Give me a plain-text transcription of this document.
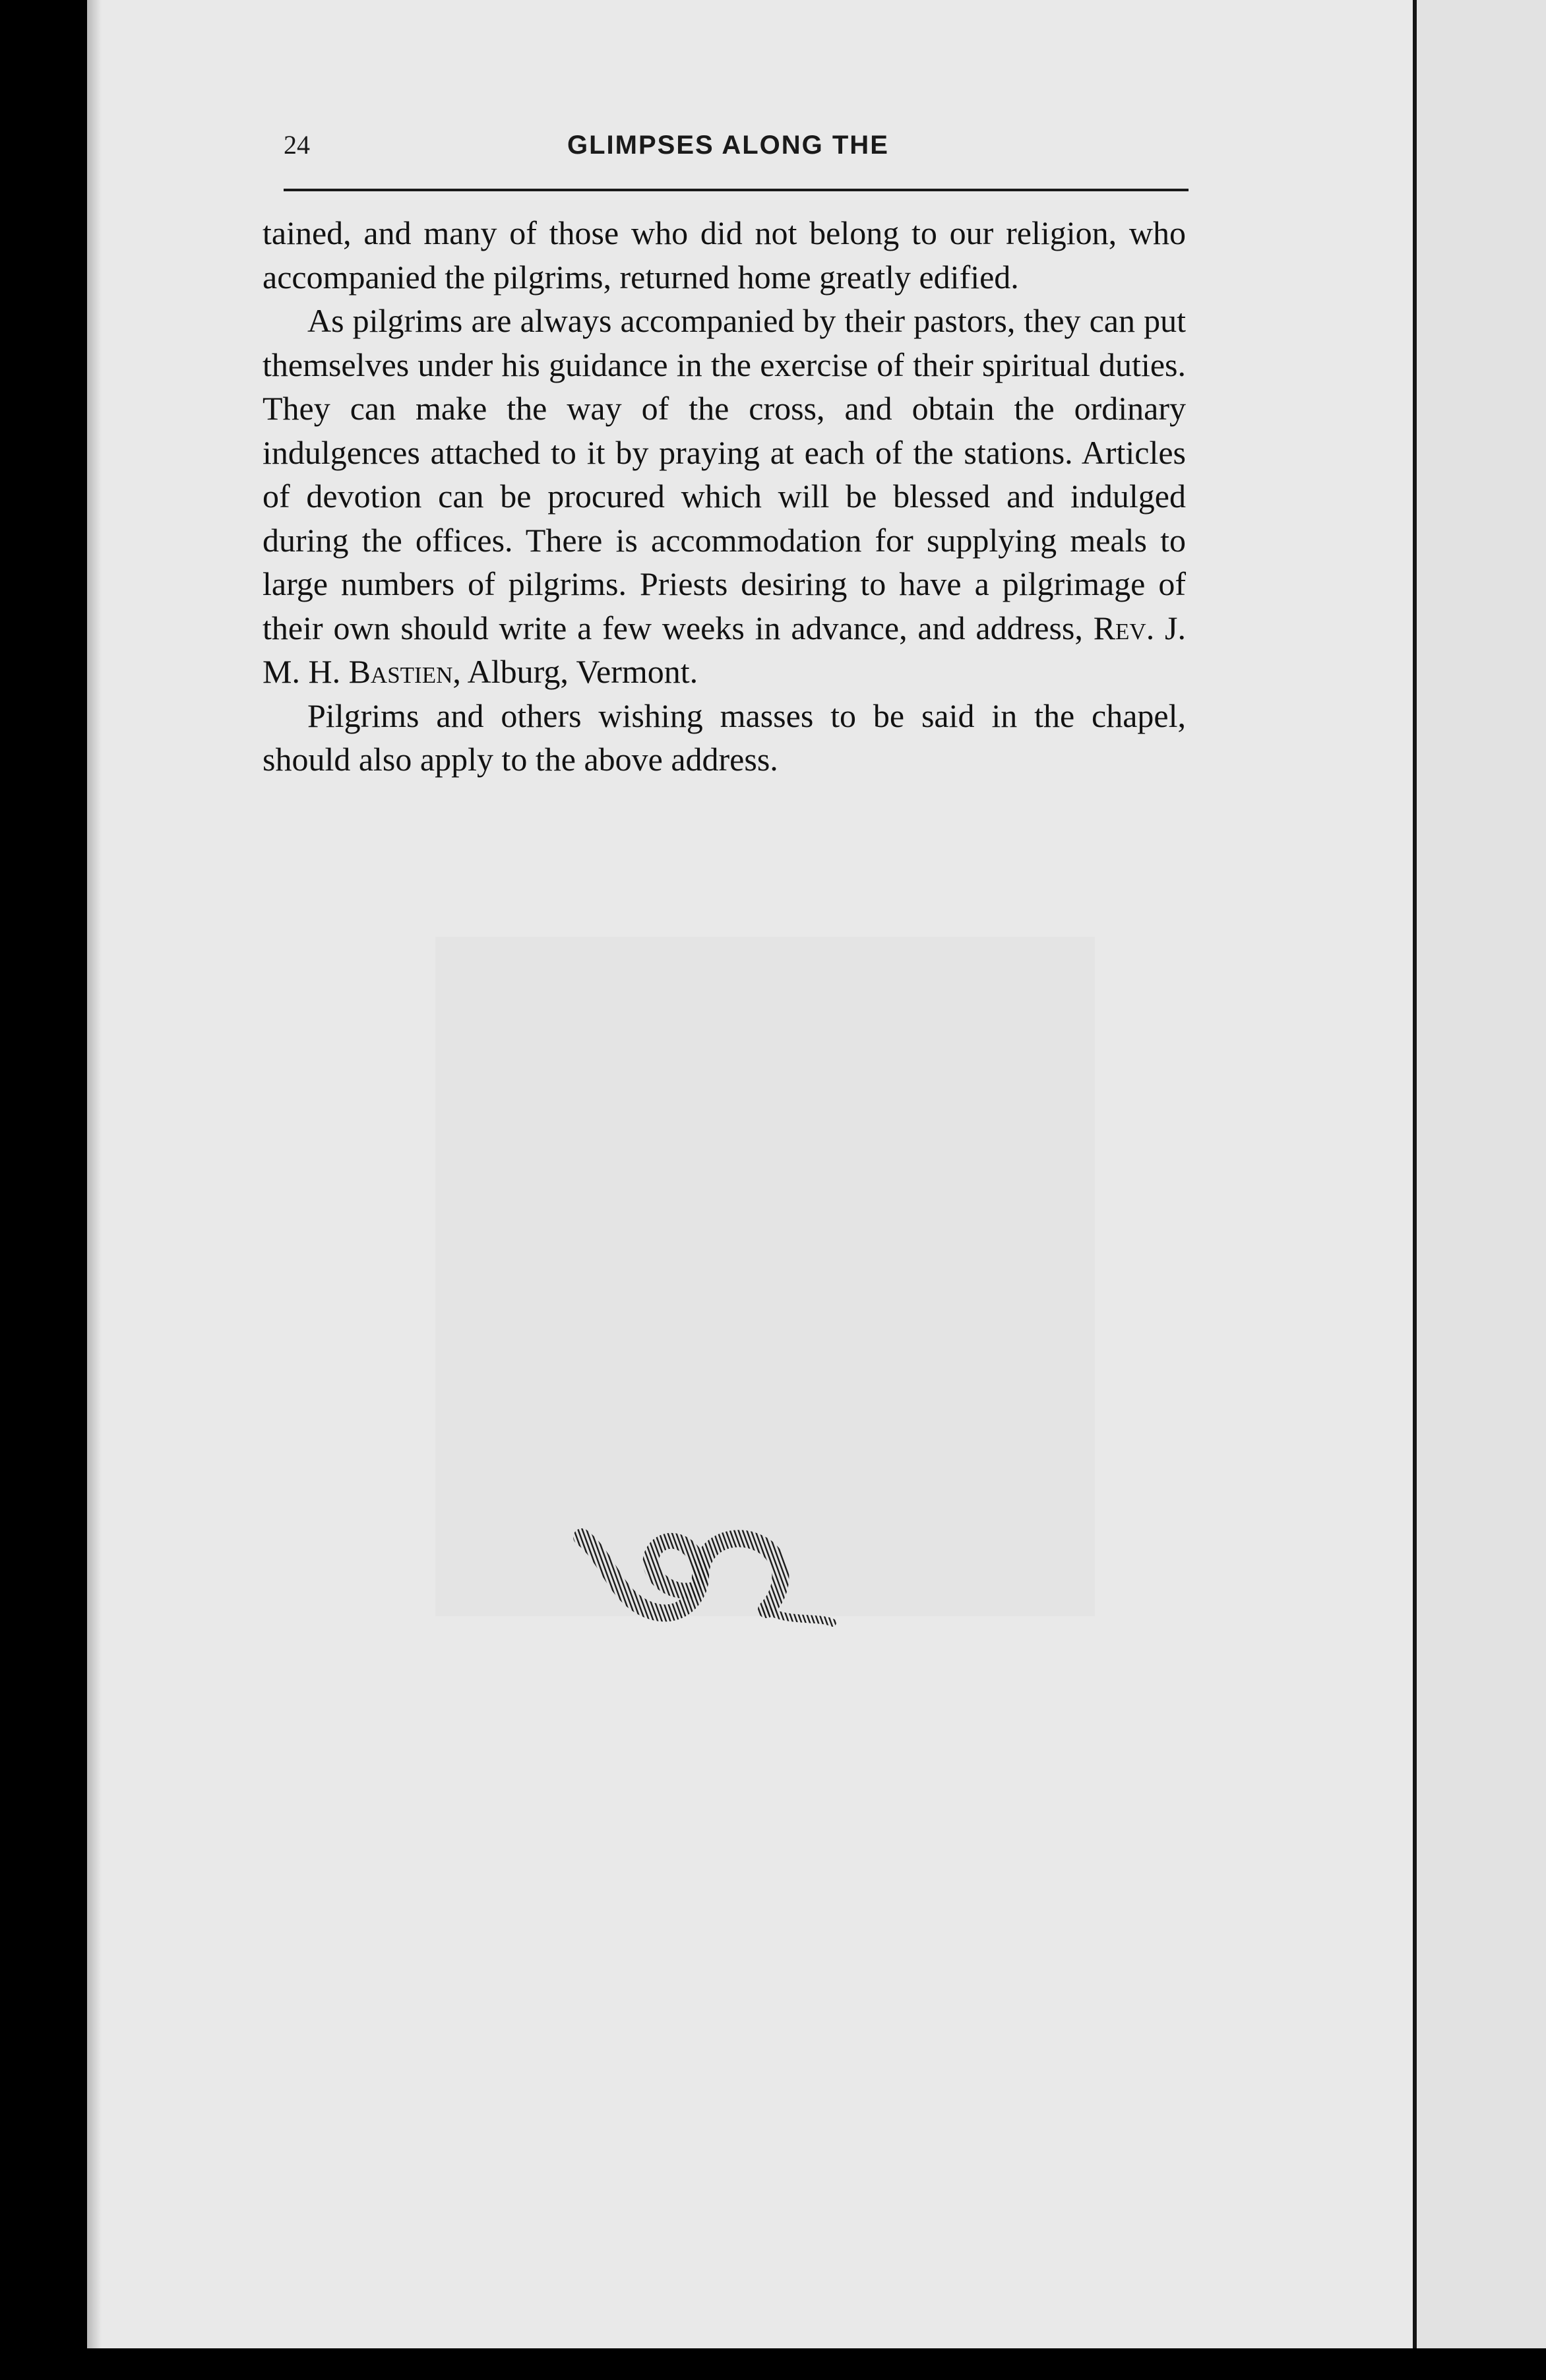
24	GLIMPSES ALONG THE

tained, and many of those who did not belong to our religion, who accompanied the pilgrims, returned home greatly edified.

As pilgrims are always accompanied by their pastors, they can put themselves under his guidance in the exercise of their spiritual duties. They can make the way of the cross, and obtain the ordinary indulgences attached to it by praying at each of the stations. Articles of devotion can be procured which will be blessed and indulged during the offices. There is accommodation for supplying meals to large numbers of pilgrims. Priests desiring to have a pilgrimage of their own should write a few weeks in advance, and address, Rev. J. M. H. Bastien, Alburg, Vermont.

Pilgrims and others wishing masses to be said in the chapel, should also apply to the above address.
